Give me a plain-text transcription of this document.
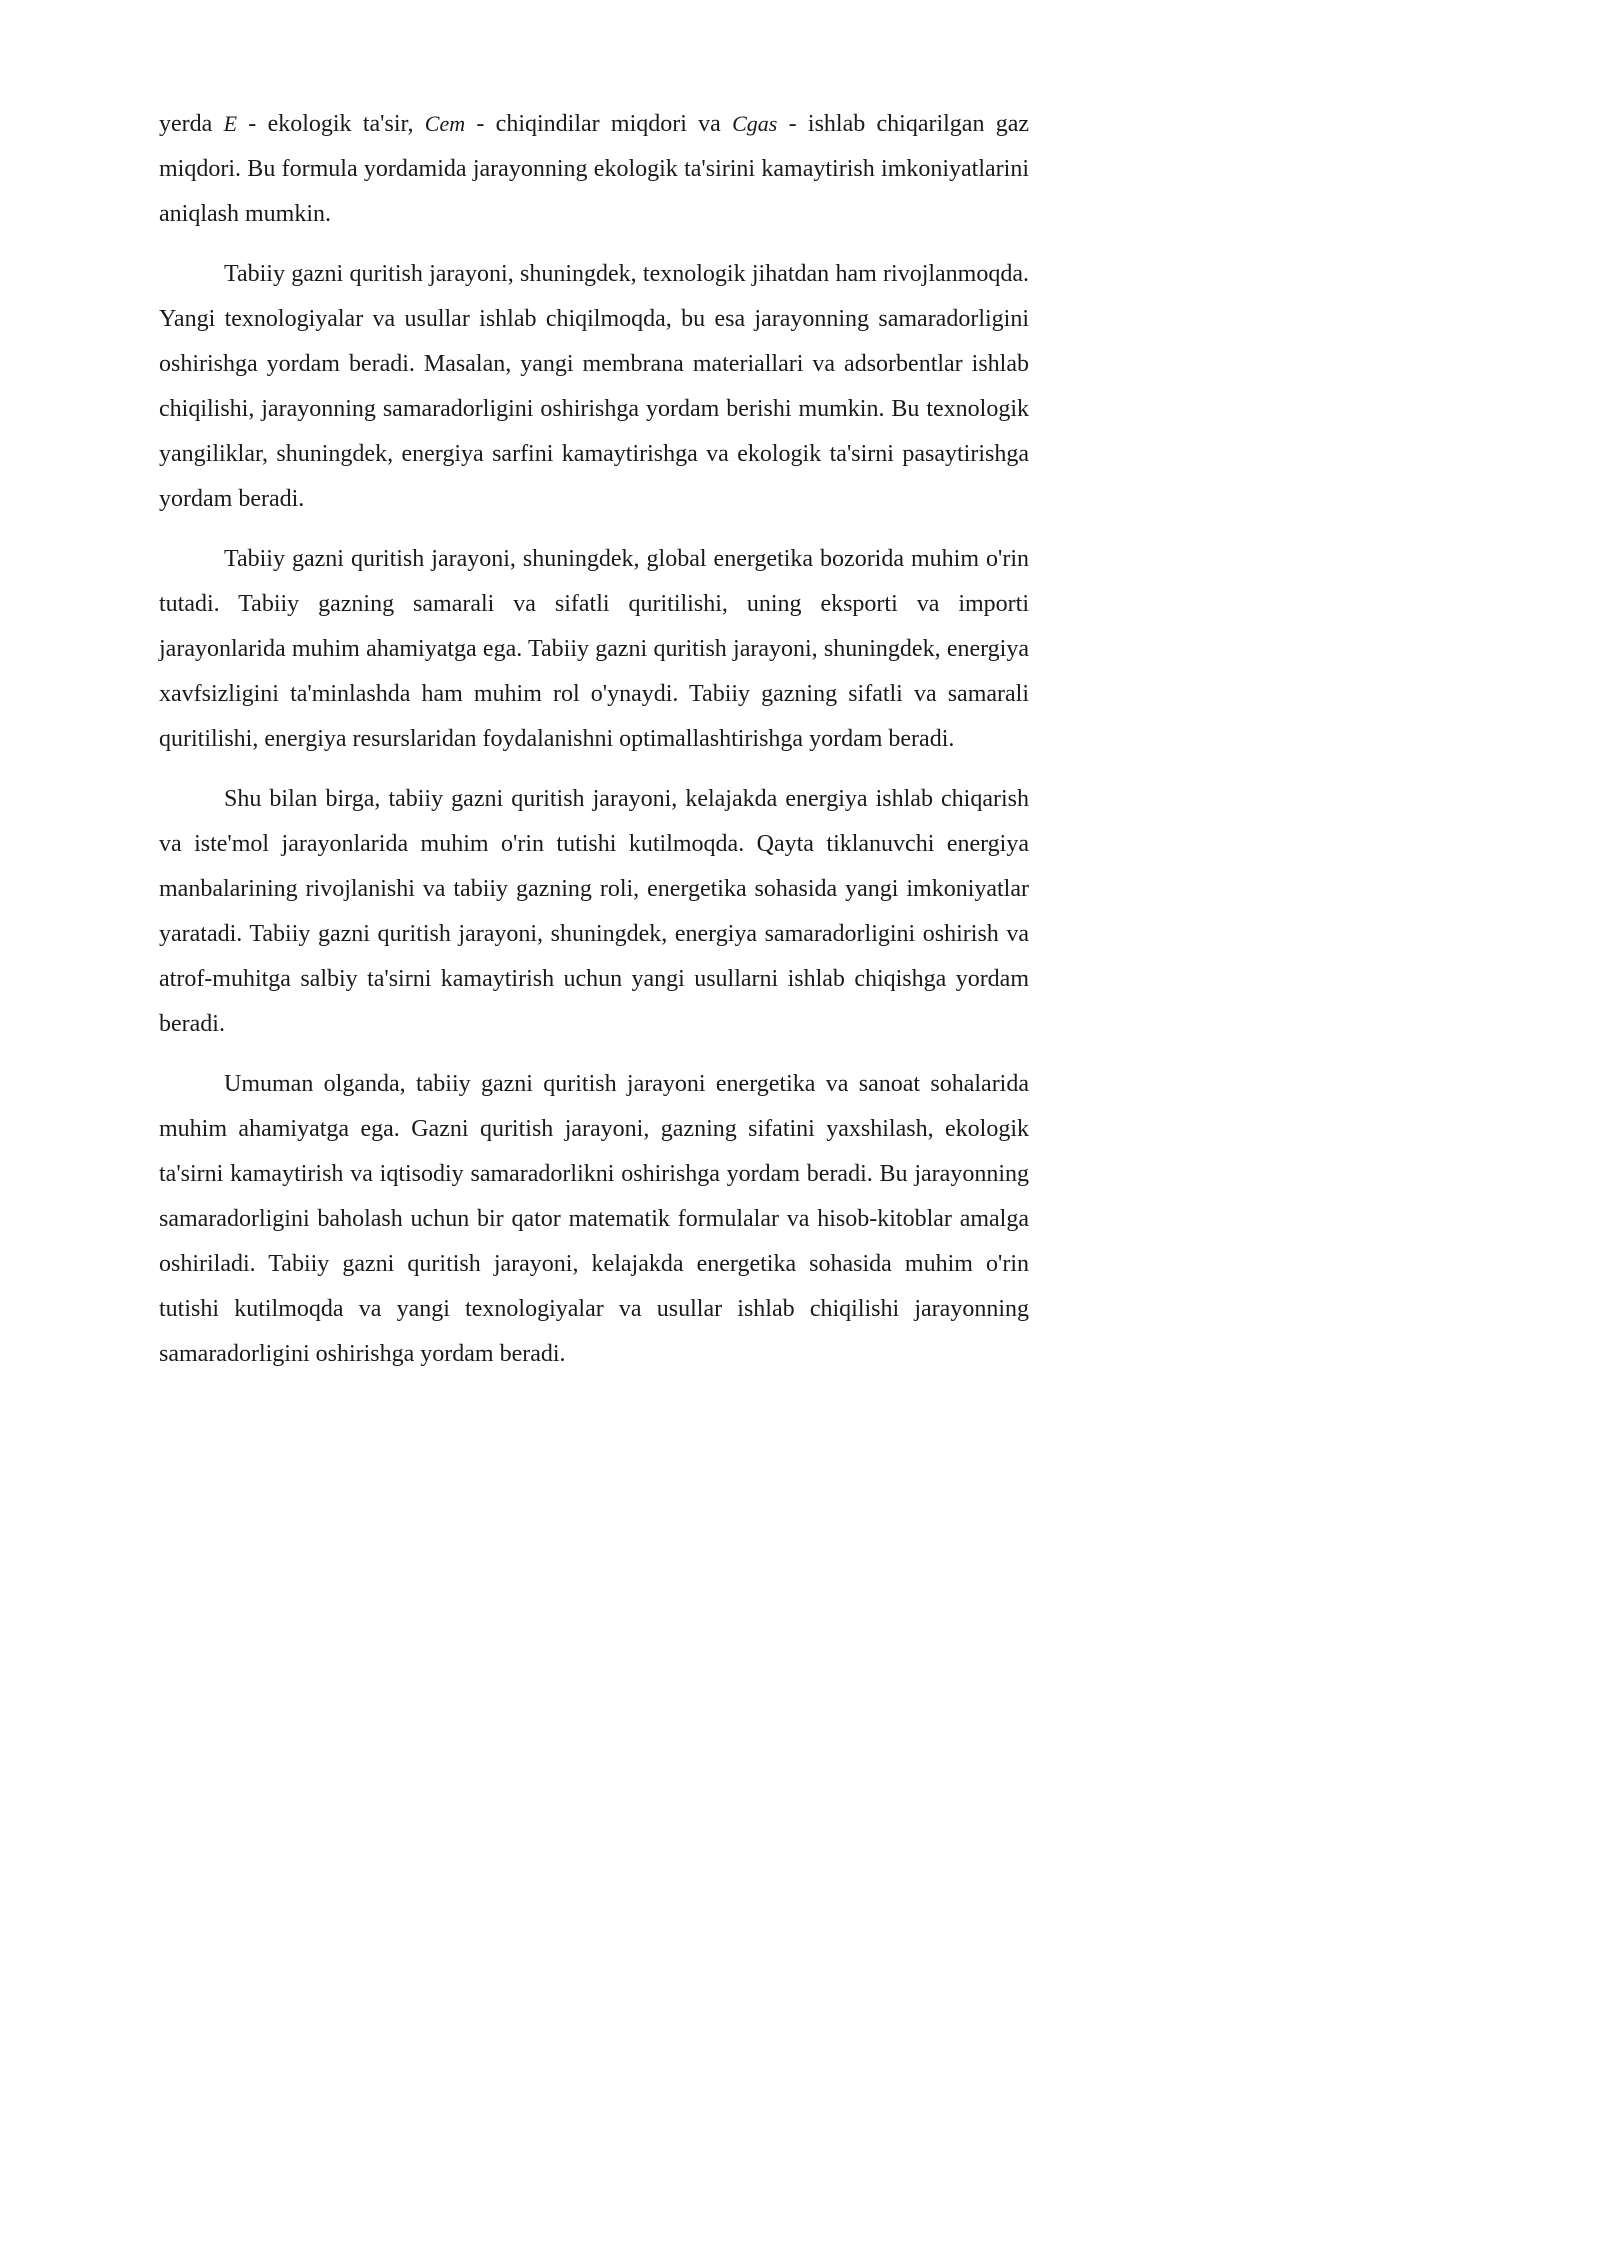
yerda E - ekologik ta'sir, Cem - chiqindilar miqdori va Cgas - ishlab chiqarilgan gaz miqdori. Bu formula yordamida jarayonning ekologik ta'sirini kamaytirish imkoniyatlarini aniqlash mumkin.

Tabiiy gazni quritish jarayoni, shuningdek, texnologik jihatdan ham rivojlanmoqda. Yangi texnologiyalar va usullar ishlab chiqilmoqda, bu esa jarayonning samaradorligini oshirishga yordam beradi. Masalan, yangi membrana materiallari va adsorbentlar ishlab chiqilishi, jarayonning samaradorligini oshirishga yordam berishi mumkin. Bu texnologik yangiliklar, shuningdek, energiya sarfini kamaytirishga va ekologik ta'sirni pasaytirishga yordam beradi.

Tabiiy gazni quritish jarayoni, shuningdek, global energetika bozorida muhim o'rin tutadi. Tabiiy gazning samarali va sifatli quritilishi, uning eksporti va importi jarayonlarida muhim ahamiyatga ega. Tabiiy gazni quritish jarayoni, shuningdek, energiya xavfsizligini ta'minlashda ham muhim rol o'ynaydi. Tabiiy gazning sifatli va samarali quritilishi, energiya resurslaridan foydalanishni optimallashtirishga yordam beradi.

Shu bilan birga, tabiiy gazni quritish jarayoni, kelajakda energiya ishlab chiqarish va iste'mol jarayonlarida muhim o'rin tutishi kutilmoqda. Qayta tiklanuvchi energiya manbalarining rivojlanishi va tabiiy gazning roli, energetika sohasida yangi imkoniyatlar yaratadi. Tabiiy gazni quritish jarayoni, shuningdek, energiya samaradorligini oshirish va atrof-muhitga salbiy ta'sirni kamaytirish uchun yangi usullarni ishlab chiqishga yordam beradi.

Umuman olganda, tabiiy gazni quritish jarayoni energetika va sanoat sohalarida muhim ahamiyatga ega. Gazni quritish jarayoni, gazning sifatini yaxshilash, ekologik ta'sirni kamaytirish va iqtisodiy samaradorlikni oshirishga yordam beradi. Bu jarayonning samaradorligini baholash uchun bir qator matematik formulalar va hisob-kitoblar amalga oshiriladi. Tabiiy gazni quritish jarayoni, kelajakda energetika sohasida muhim o'rin tutishi kutilmoqda va yangi texnologiyalar va usullar ishlab chiqilishi jarayonning samaradorligini oshirishga yordam beradi.
